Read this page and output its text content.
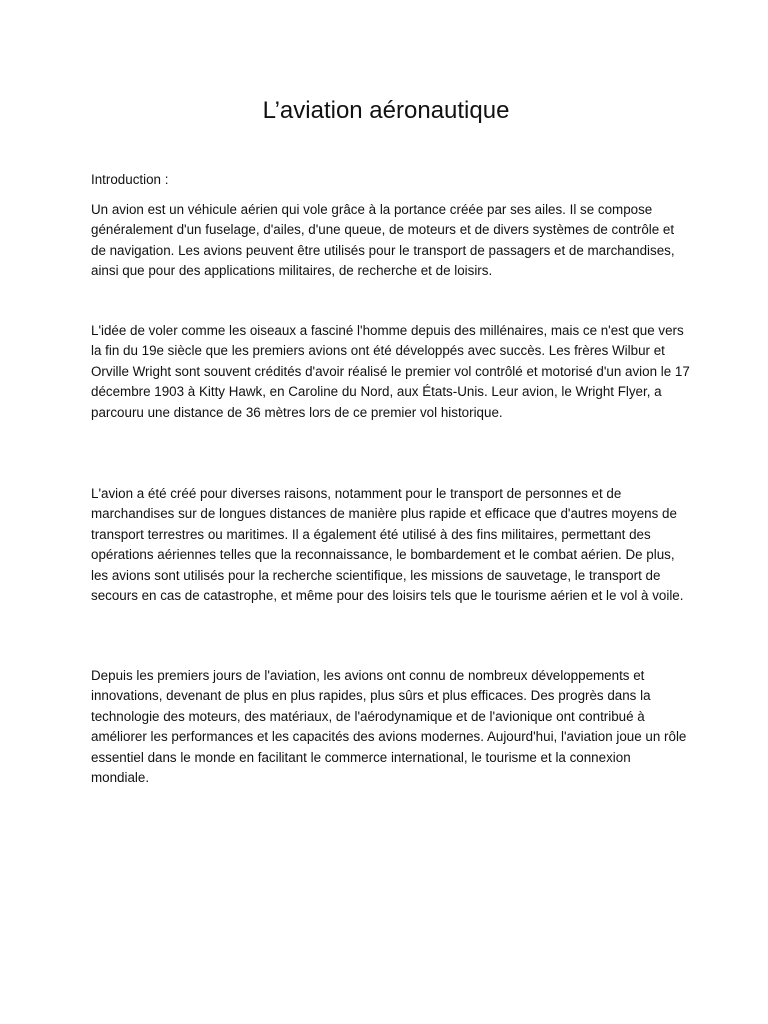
L’aviation aéronautique

Introduction :

Un avion est un véhicule aérien qui vole grâce à la portance créée par ses ailes. Il se compose généralement d'un fuselage, d'ailes, d'une queue, de moteurs et de divers systèmes de contrôle et de navigation. Les avions peuvent être utilisés pour le transport de passagers et de marchandises, ainsi que pour des applications militaires, de recherche et de loisirs.

L'idée de voler comme les oiseaux a fasciné l'homme depuis des millénaires, mais ce n'est que vers la fin du 19e siècle que les premiers avions ont été développés avec succès. Les frères Wilbur et Orville Wright sont souvent crédités d'avoir réalisé le premier vol contrôlé et motorisé d'un avion le 17 décembre 1903 à Kitty Hawk, en Caroline du Nord, aux États-Unis. Leur avion, le Wright Flyer, a parcouru une distance de 36 mètres lors de ce premier vol historique.

L'avion a été créé pour diverses raisons, notamment pour le transport de personnes et de marchandises sur de longues distances de manière plus rapide et efficace que d'autres moyens de transport terrestres ou maritimes. Il a également été utilisé à des fins militaires, permettant des opérations aériennes telles que la reconnaissance, le bombardement et le combat aérien. De plus, les avions sont utilisés pour la recherche scientifique, les missions de sauvetage, le transport de secours en cas de catastrophe, et même pour des loisirs tels que le tourisme aérien et le vol à voile.

Depuis les premiers jours de l'aviation, les avions ont connu de nombreux développements et innovations, devenant de plus en plus rapides, plus sûrs et plus efficaces. Des progrès dans la technologie des moteurs, des matériaux, de l'aérodynamique et de l'avionique ont contribué à améliorer les performances et les capacités des avions modernes. Aujourd'hui, l'aviation joue un rôle essentiel dans le monde en facilitant le commerce international, le tourisme et la connexion mondiale.
